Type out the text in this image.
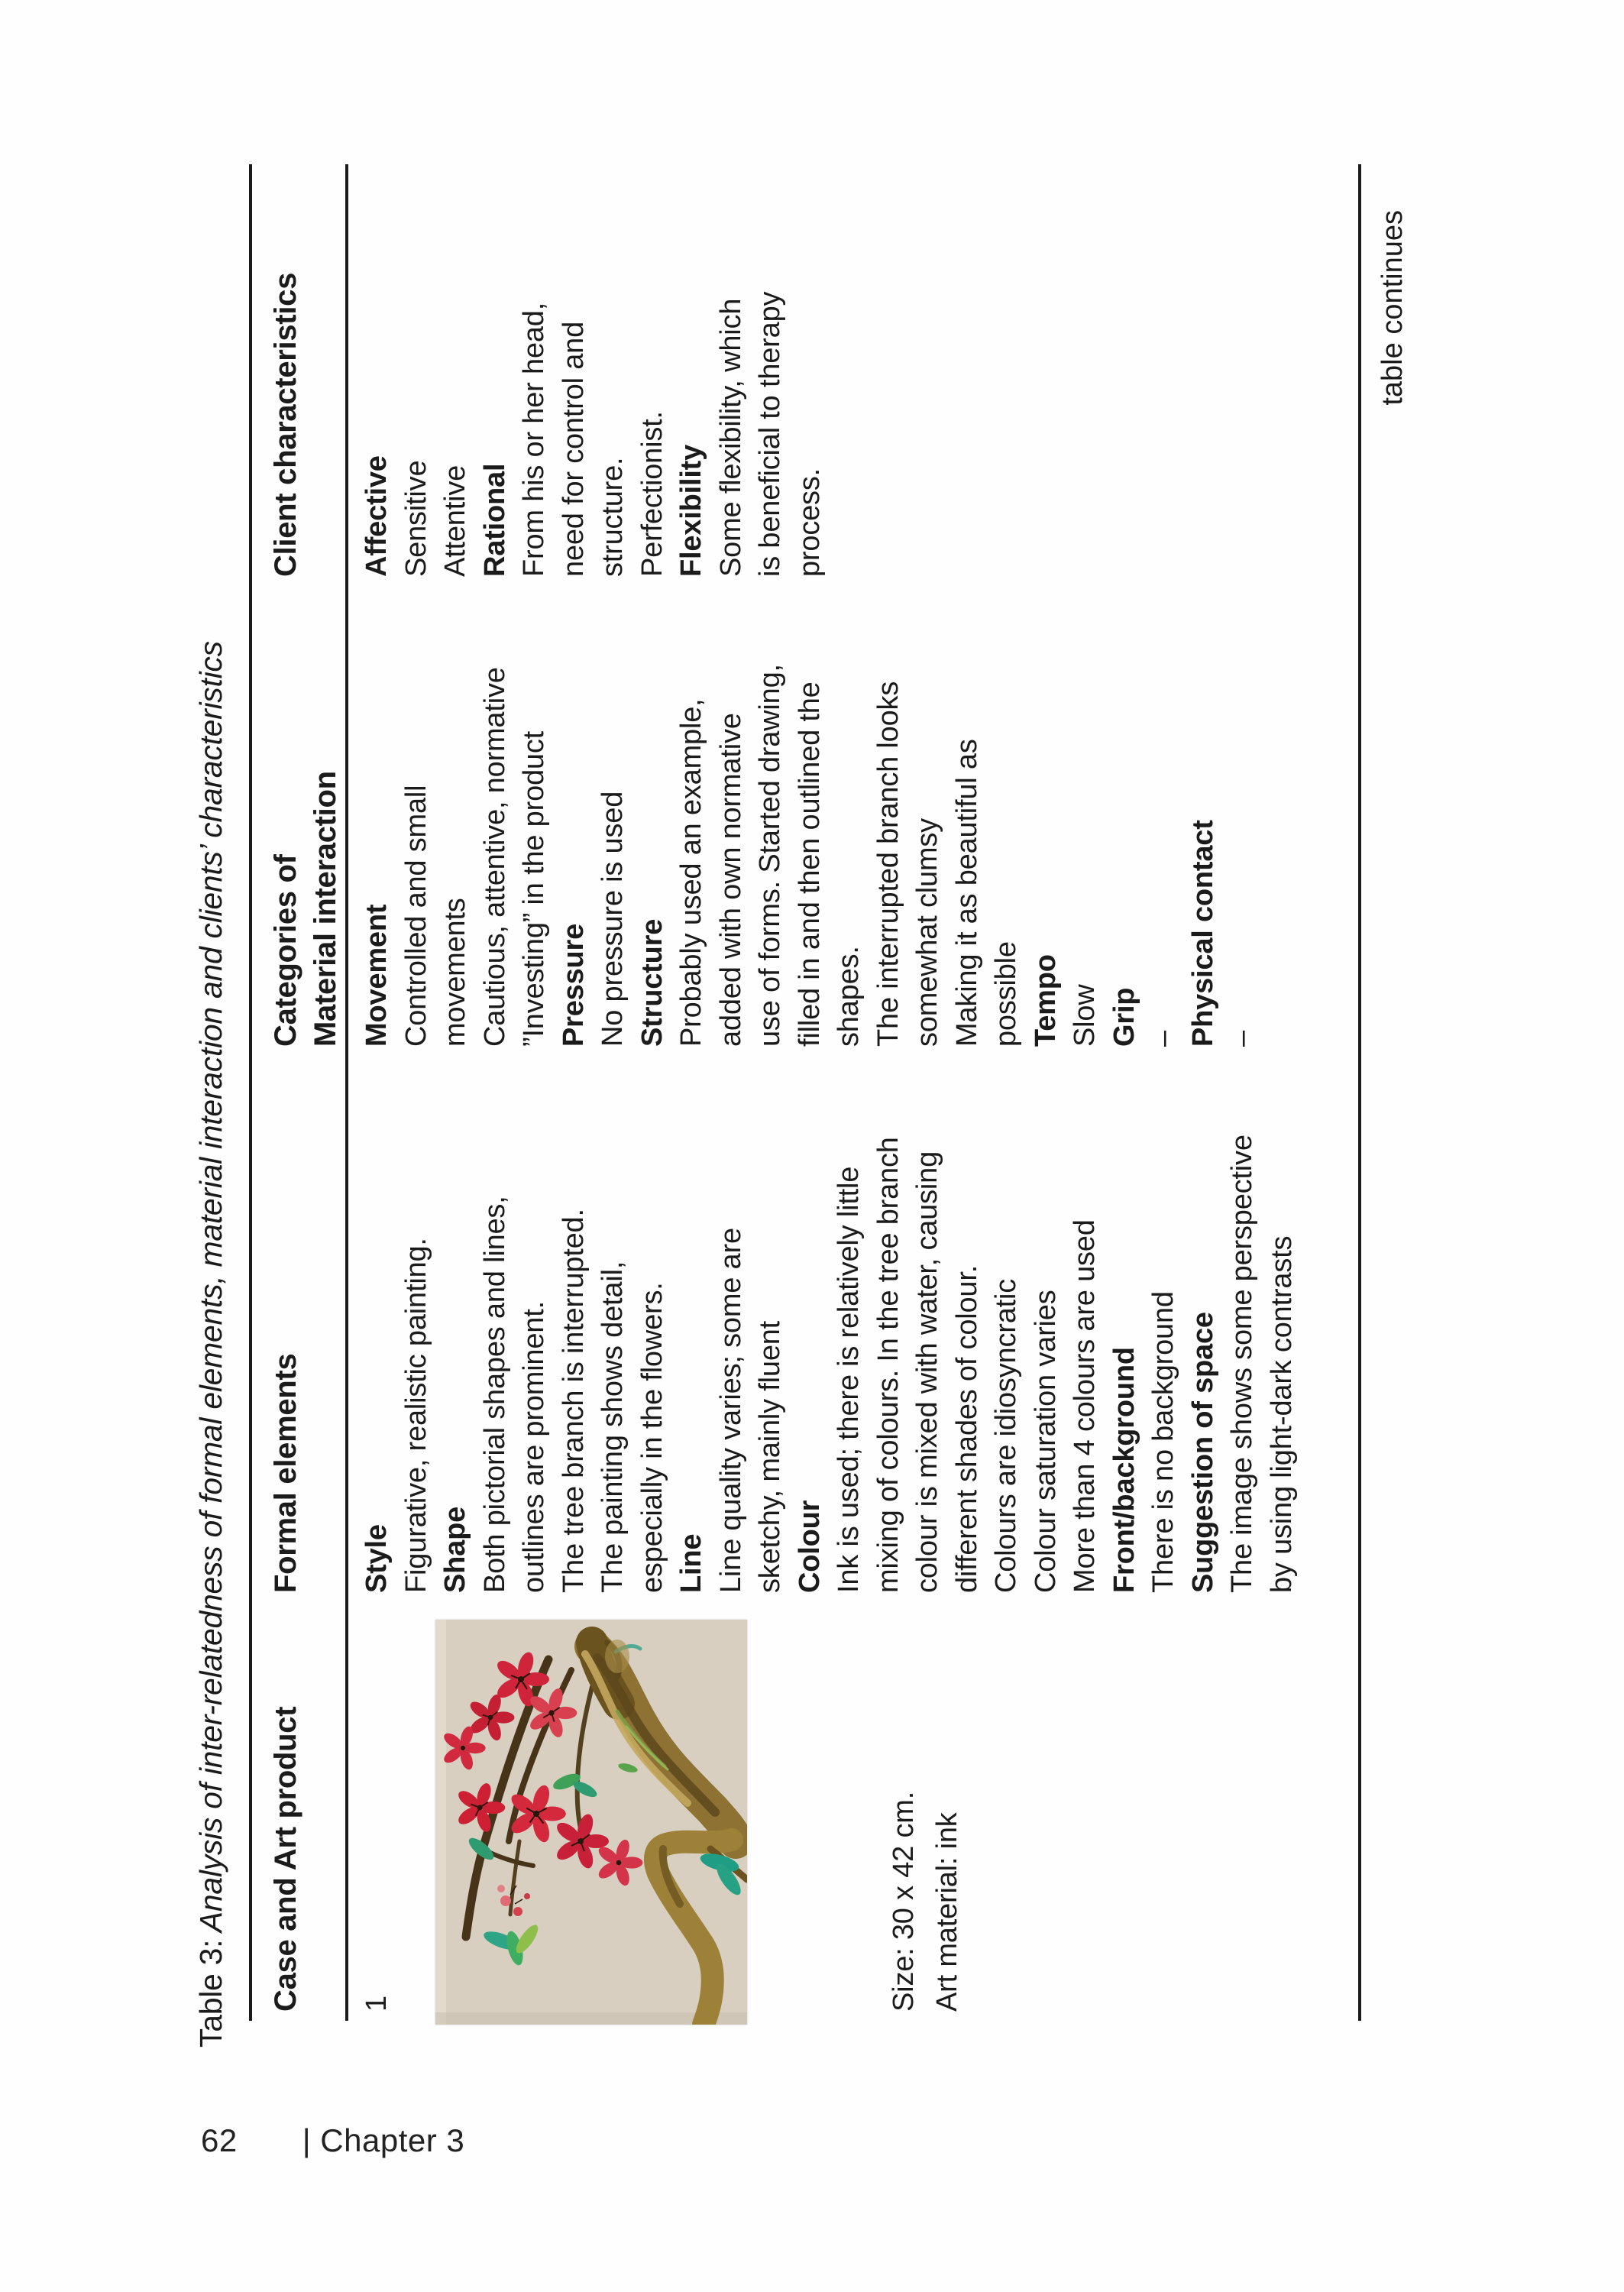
Table 3: Analysis of inter-relatedness of formal elements, material interaction and clients’ characteristics Case and Art product
Formal elements
Categories of Material interaction
Client characteristics
1	Size: 30 x 42 cm. Art material: ink
Style Figurative, realistic painting. Shape Both pictorial shapes and lines, outlines are prominent. The tree branch is interrupted. The painting shows detail, especially in the flowers. Line Line quality varies; some are sketchy, mainly fluent Colour Ink is used; there is relatively little mixing of colours. In the tree branch colour is mixed with water, causing different shades of colour. Colours are idiosyncratic Colour saturation varies More than 4 colours are used Front/background There is no background Suggestion of space The image shows some perspective by using light-dark contrasts
Movement Controlled and small movements Cautious, attentive, normative ”Investing” in the product Pressure No pressure is used Structure Probably used an example, added with own normative use of forms. Started drawing, filled in and then outlined the shapes. The interrupted branch looks somewhat clumsy Making it as beautiful as possible Tempo Slow Grip – Physical contact –
Affective Sensitive Attentive Rational From his or her head, need for control and structure. Perfectionist. Flexibility Some flexibility, which is beneficial to therapy process.
table continues
62 | Chapter 3
